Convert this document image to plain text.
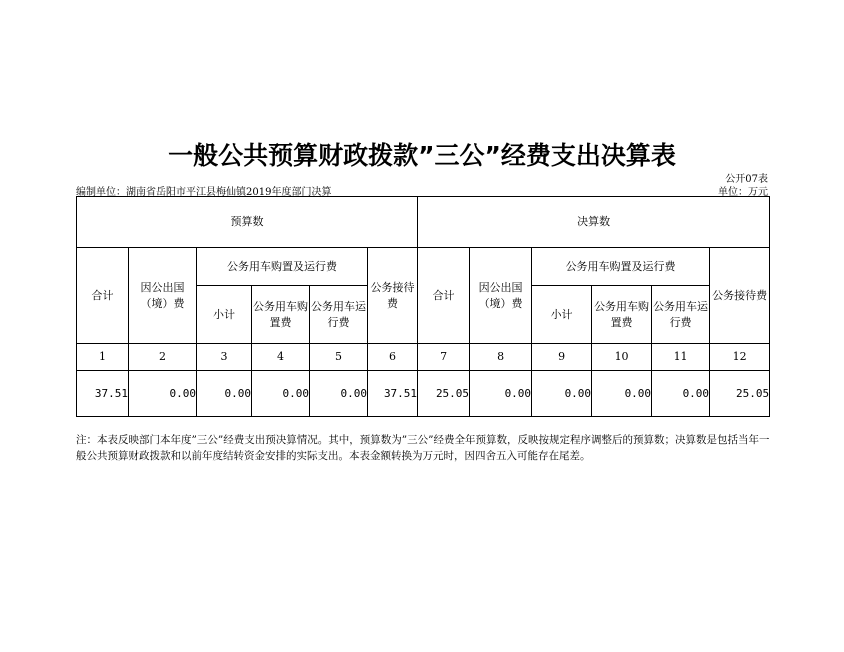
一般公共预算财政拨款”三公”经费支出决算表
公开07表
编制单位：湖南省岳阳市平江县梅仙镇2019年度部门决算	单位：万元
预算数						决算数					
合计	因公出国（境）费	公务用车购置及运行费			公务接待费	合计	因公出国（境）费	公务用车购置及运行费			公务接待费
		小计	公务用车购置费	公务用车运行费				小计	公务用车购置费	公务用车运行费	
1	2	3	4	5	6	7	8	9	10	11	12
37.51	0.00	0.00	0.00	0.00	37.51	25.05	0.00	0.00	0.00	0.00	25.05
注：本表反映部门本年度”三公”经费支出预决算情况。其中，预算数为”三公”经费全年预算数，反映按规定程序调整后的预算数；决算数是包括当年一般公共预算财政拨款和以前年度结转资金安排的实际支出。本表金额转换为万元时，因四舍五入可能存在尾差。
